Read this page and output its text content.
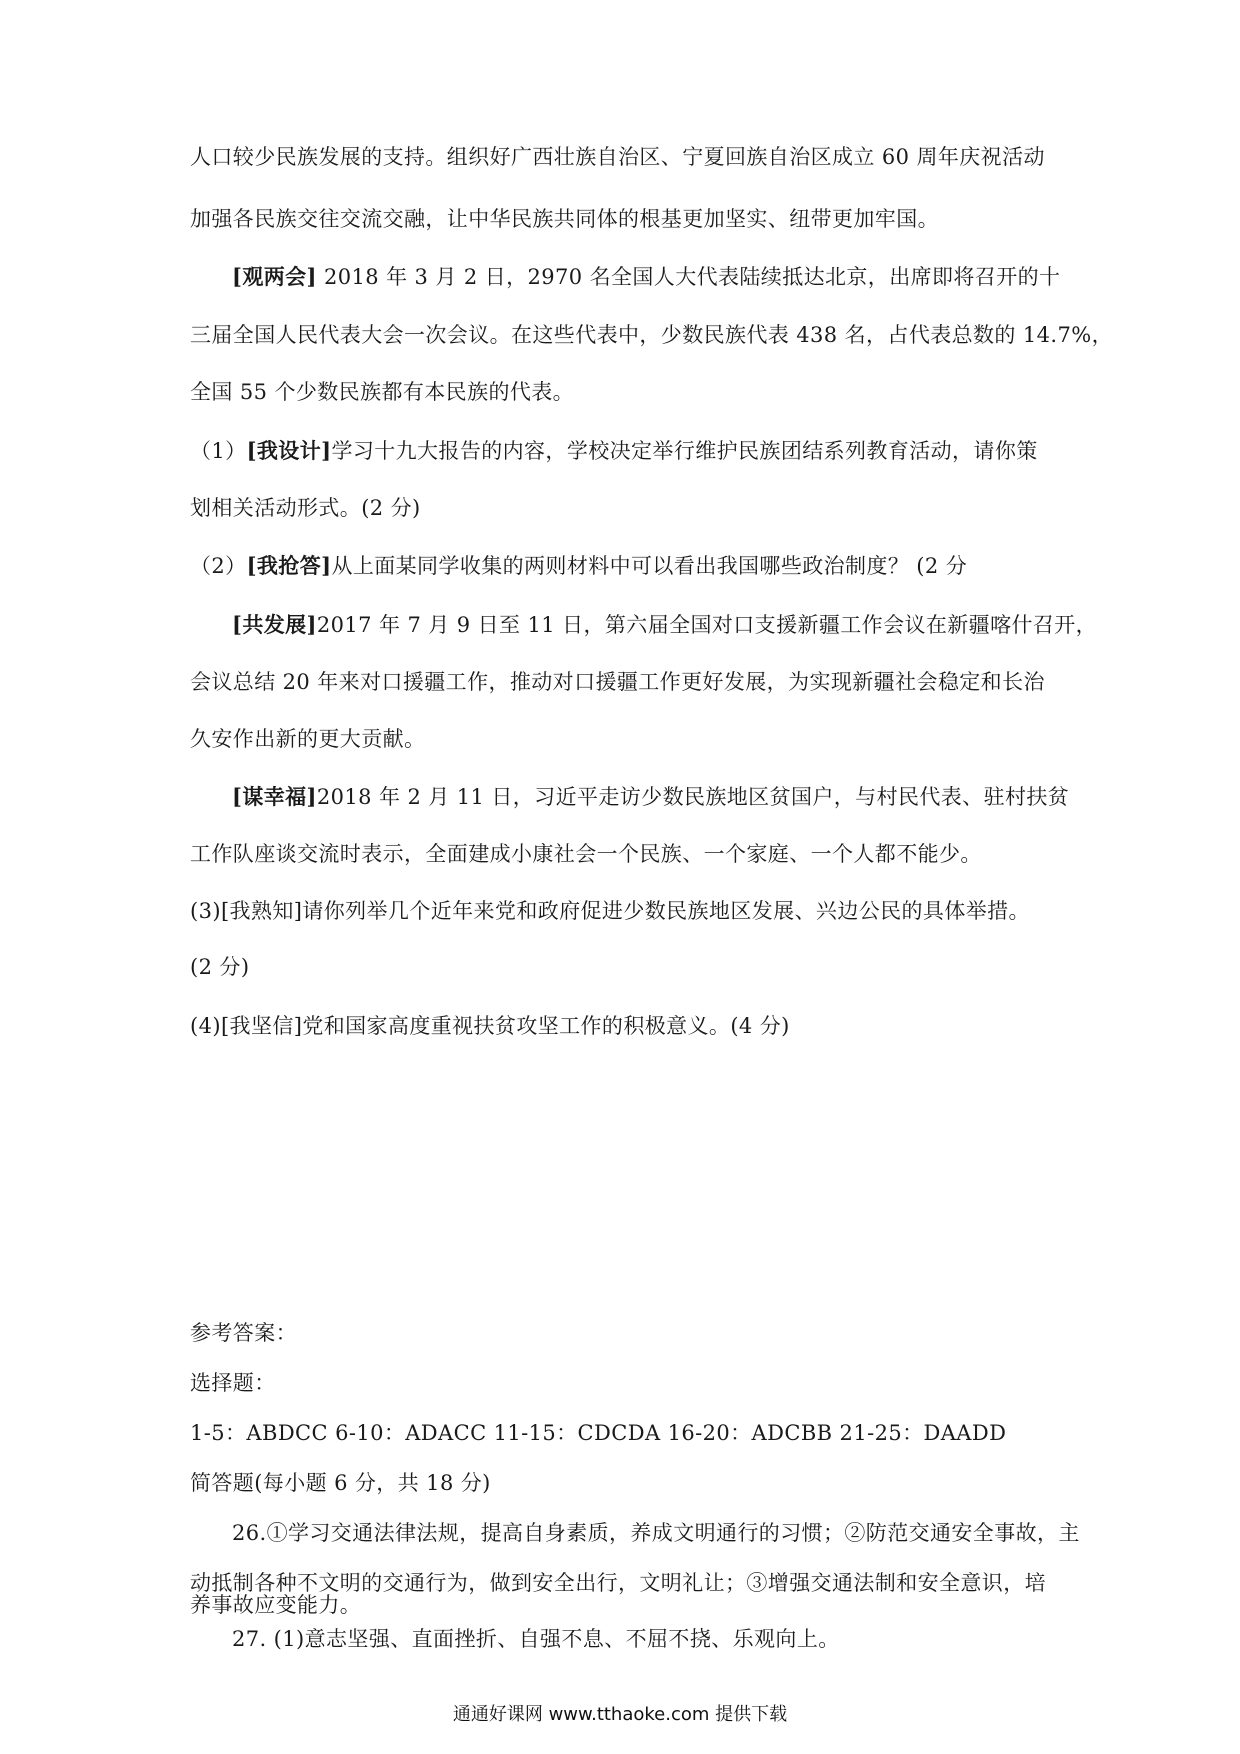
人口较少民族发展的支持。组织好广西壮族自治区、宁夏回族自治区成立 60 周年庆祝活动
加强各民族交往交流交融，让中华民族共同体的根基更加坚实、纽带更加牢国。
[观两会] 2018 年 3 月 2 日，2970 名全国人大代表陆续抵达北京，出席即将召开的十
三届全国人民代表大会一次会议。在这些代表中，少数民族代表 438 名，占代表总数的 14.7%，
全国 55 个少数民族都有本民族的代表。
（1）[我设计]学习十九大报告的内容，学校决定举行维护民族团结系列教育活动，请你策
划相关活动形式。(2 分)
（2）[我抢答]从上面某同学收集的两则材料中可以看出我国哪些政治制度？ (2 分
[共发展]2017 年 7 月 9 日至 11 日，第六届全国对口支援新疆工作会议在新疆喀什召开，
会议总结 20 年来对口援疆工作，推动对口援疆工作更好发展，为实现新疆社会稳定和长治
久安作出新的更大贡献。
[谋幸福]2018 年 2 月 11 日，习近平走访少数民族地区贫国户，与村民代表、驻村扶贫
工作队座谈交流时表示，全面建成小康社会一个民族、一个家庭、一个人都不能少。
(3)[我熟知]请你列举几个近年来党和政府促进少数民族地区发展、兴边公民的具体举措。
(2 分)
(4)[我坚信]党和国家高度重视扶贫攻坚工作的积极意义。(4 分)
参考答案：
选择题：
1-5：ABDCC 6-10：ADACC 11-15：CDCDA 16-20：ADCBB 21-25：DAADD
简答题(每小题 6 分，共 18 分)
26.①学习交通法律法规，提高自身素质，养成文明通行的习惯；②防范交通安全事故，主
通通好课网 www.tthaoke.com 提供下载
动抵制各种不文明的交通行为，做到安全出行，文明礼让；③增强交通法制和安全意识，培
养事故应变能力。
27. (1)意志坚强、直面挫折、自强不息、不屈不挠、乐观向上。
